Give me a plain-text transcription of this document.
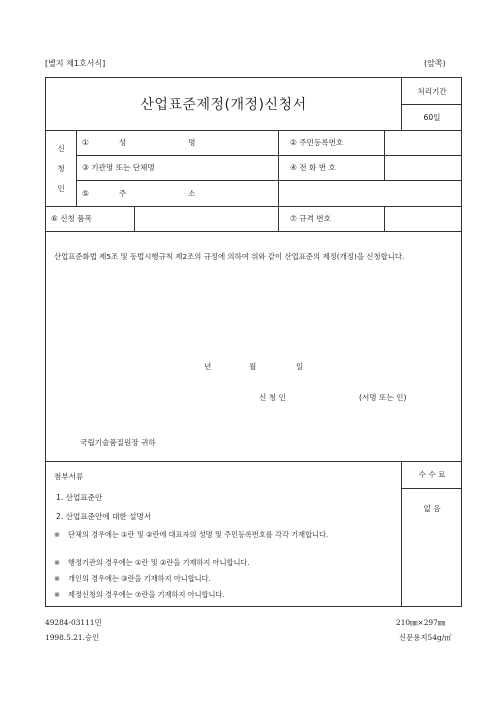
[별지 제1호서식]	(앞쪽)
산업표준제정(개정)신청서
처리기간
60일
신
청
인
①	성	명	② 주민등록번호
③ 기관명 또는 단체명	④ 전 화 번 호
⑤	주	소
⑥ 신청 품목	⑦ 규격 번호
산업표준화법 제5조 및 동법시행규칙 제2조의 규정에 의하여 위와 같이 산업표준의 제정(개정)을 신청합니다.
년	월	일
신 청 인	(서명 또는 인)
국립기술품질원장 귀하
첨부서류
1. 산업표준안
2. 산업표준안에 대한 설명서
※	단체의 경우에는 ①란 및 ②란에 대표자의 성명 및 주민등록번호를 각각 기재합니다.
※	행정기관의 경우에는 ①란 및 ②란을 기재하지 아니합니다.
※	개인의 경우에는 ③란을 기재하지 아니합니다.
※	제정신청의 경우에는 ⑦란을 기재하지 아니합니다.
수 수 료
없 음
49284-03111민
1998.5.21.승인
210㎜×297㎜
신문용지54g/㎡
